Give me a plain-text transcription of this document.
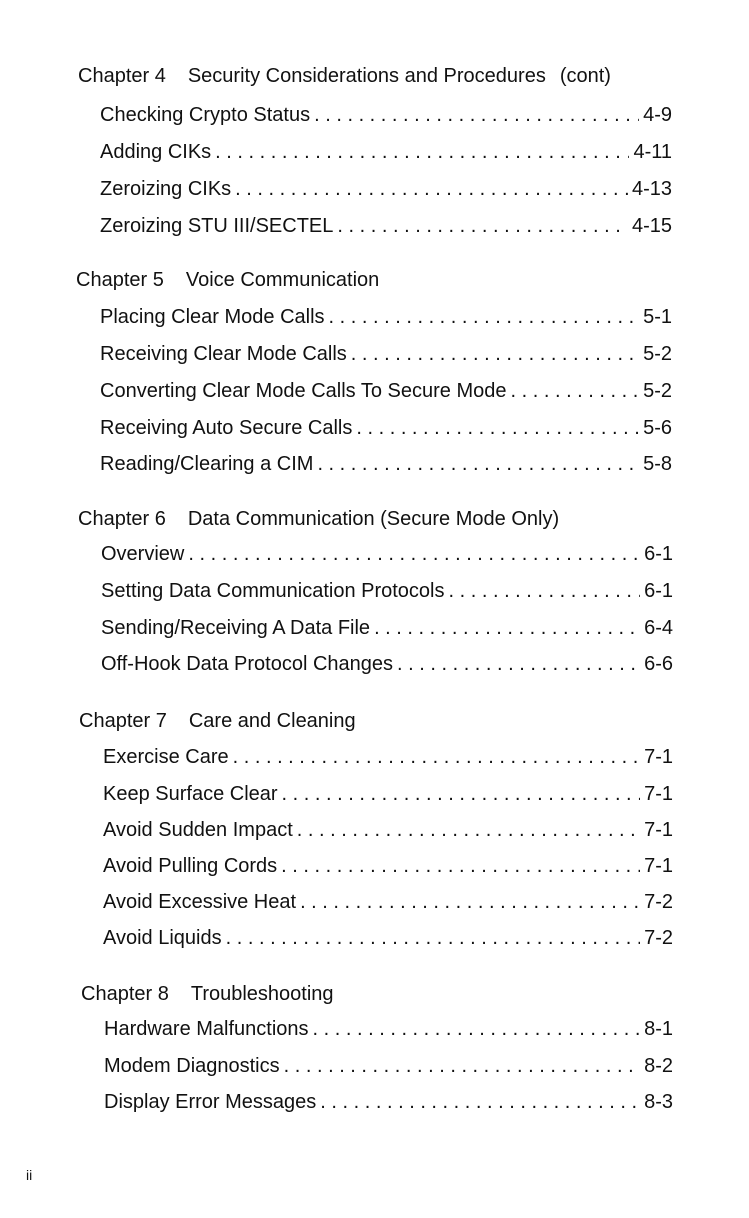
Chapter 4 Security Considerations and Procedures (cont)
Checking Crypto Status . . .	4-9
Adding CIKs . . .	4-11
Zeroizing CIKs . . .	4-13
Zeroizing STU III/SECTEL . . .	4-15
Chapter 5 Voice Communication
Placing Clear Mode Calls . . .	5-1
Receiving Clear Mode Calls . . .	5-2
Converting Clear Mode Calls To Secure Mode . . .	5-2
Receiving Auto Secure Calls . . .	5-6
Reading/Clearing a CIM . . .	5-8
Chapter 6 Data Communication (Secure Mode Only)
Overview . . .	6-1
Setting Data Communication Protocols . . .	6-1
Sending/Receiving A Data File . . .	6-4
Off-Hook Data Protocol Changes . . .	6-6
Chapter 7 Care and Cleaning
Exercise Care . . .	7-1
Keep Surface Clear . . .	7-1
Avoid Sudden Impact . . .	7-1
Avoid Pulling Cords . . .	7-1
Avoid Excessive Heat . . .	7-2
Avoid Liquids . . .	7-2
Chapter 8 Troubleshooting
Hardware Malfunctions . . .	8-1
Modem Diagnostics . . .	8-2
Display Error Messages . . .	8-3
ii
